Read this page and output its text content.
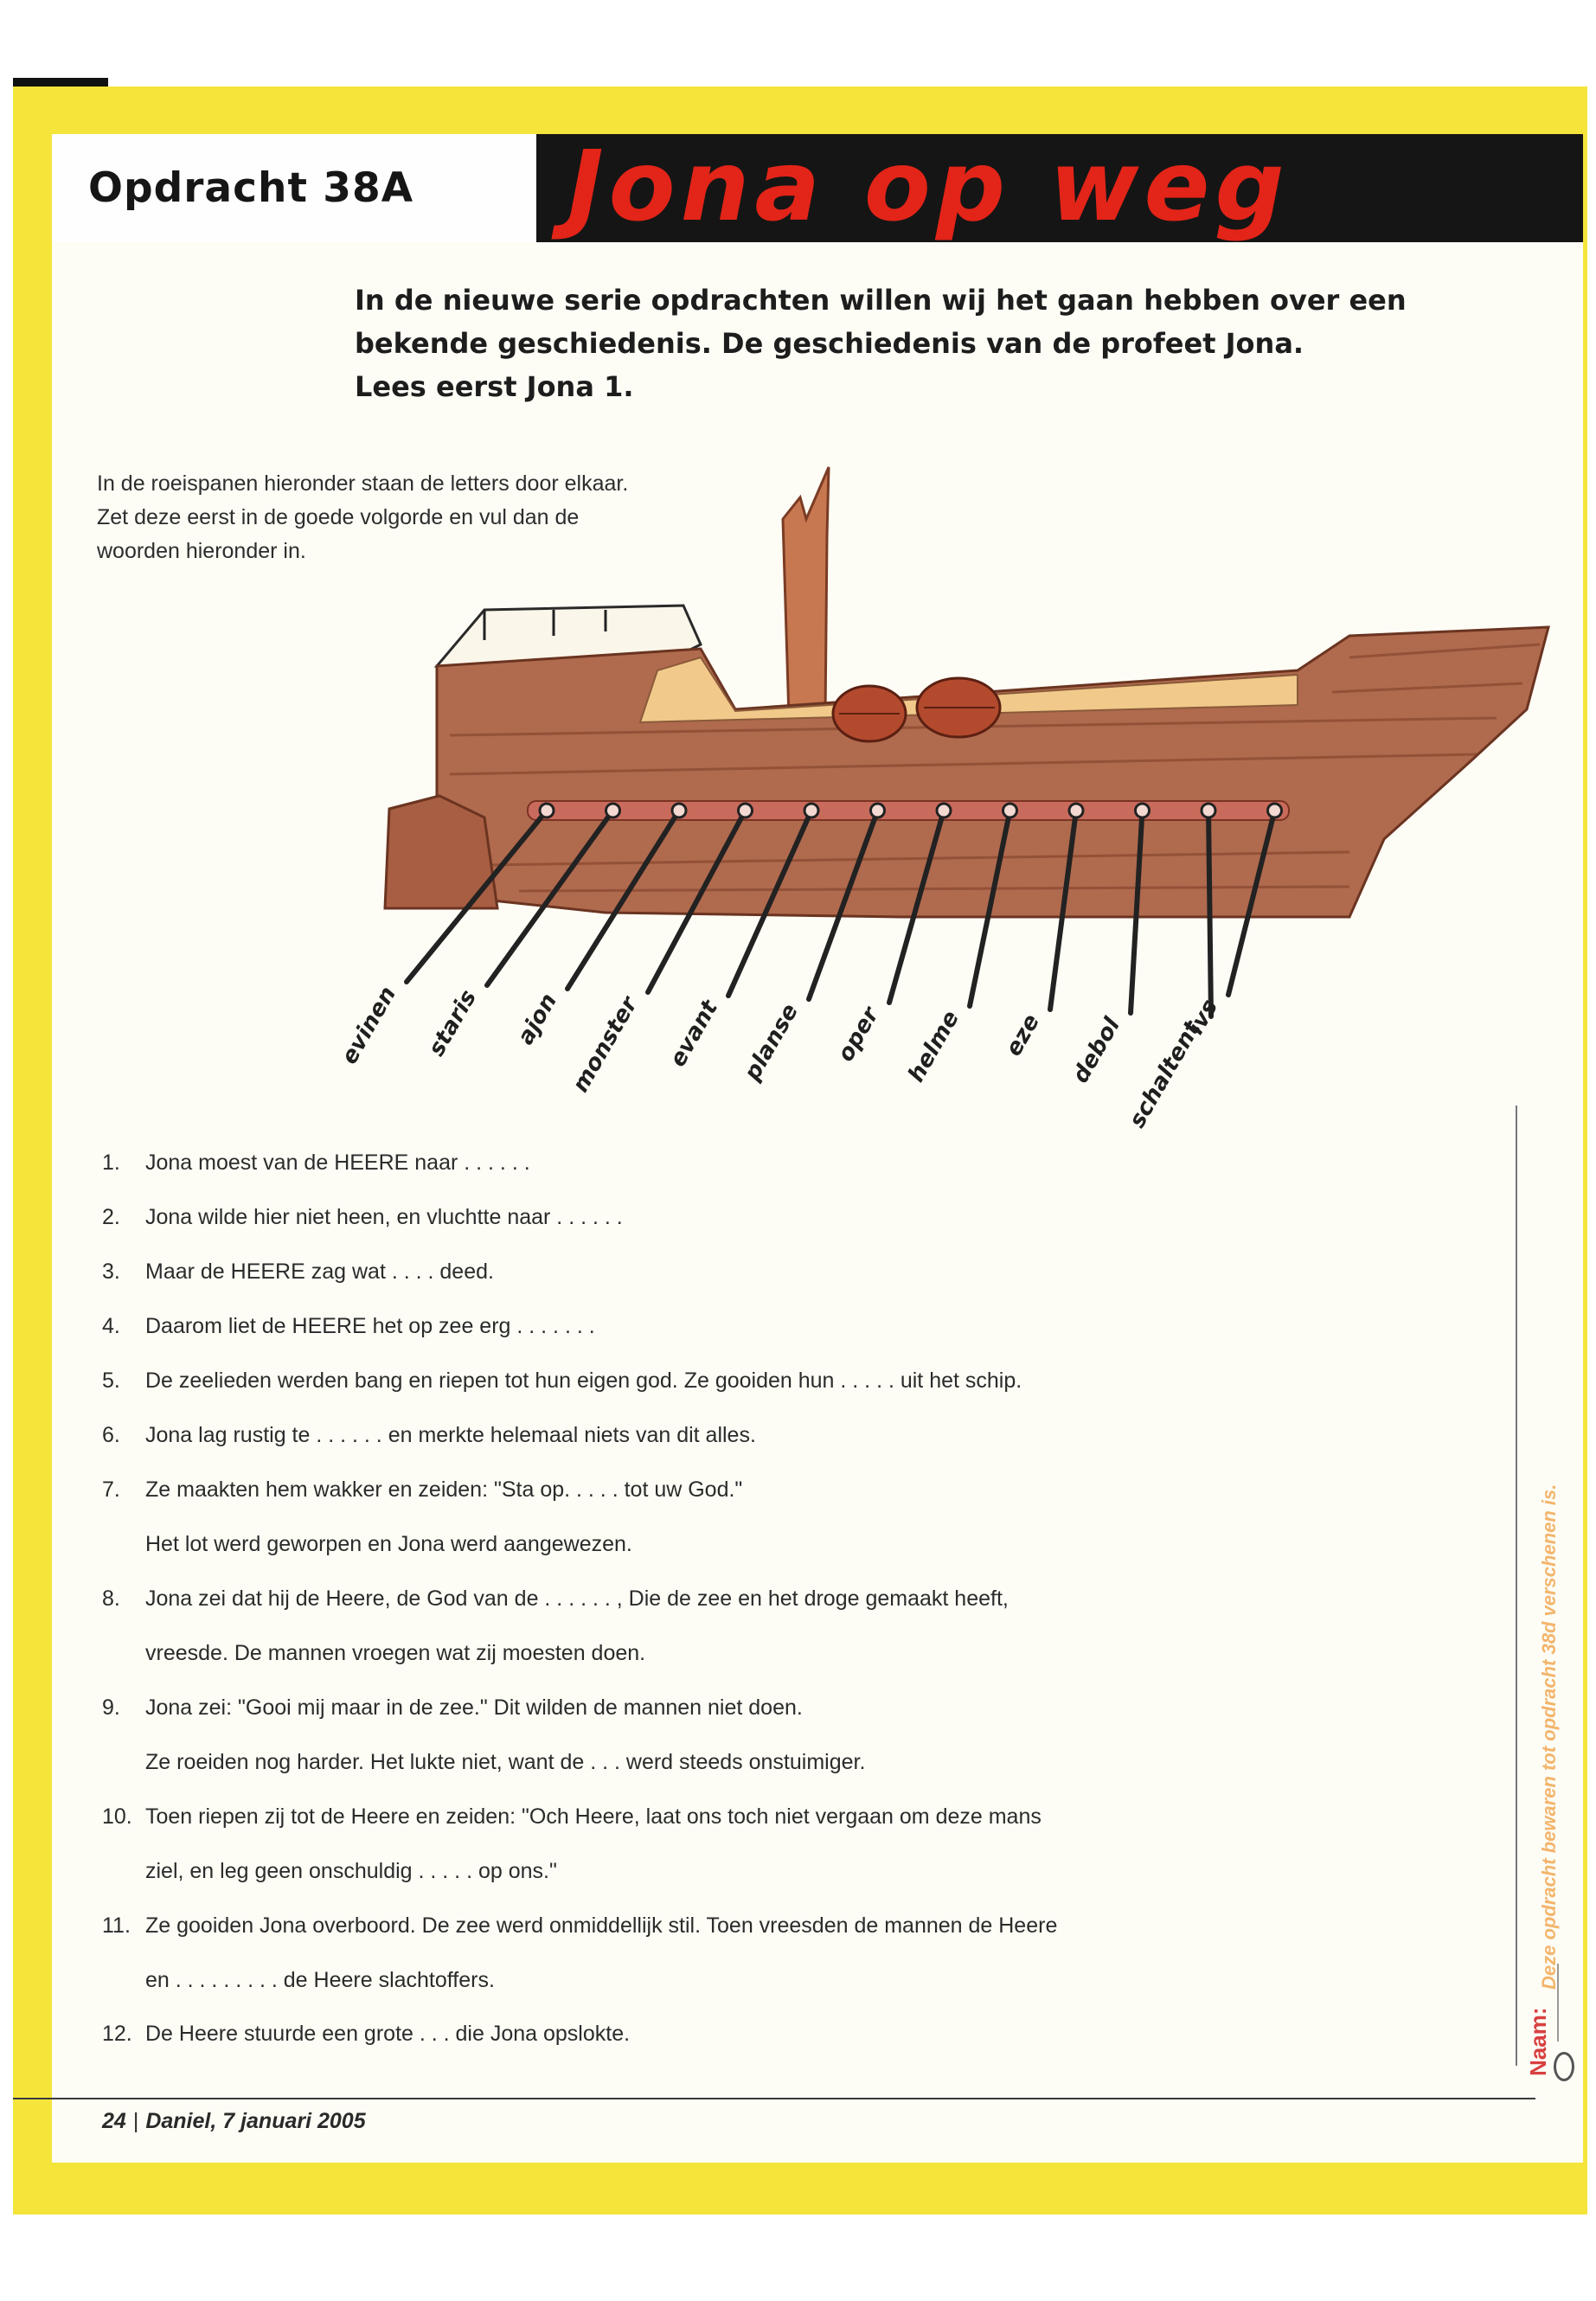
Opdracht 38A Jona op weg
In de nieuwe serie opdrachten willen wij het gaan hebben over een
bekende geschiedenis. De geschiedenis van de profeet Jona.
Lees eerst Jona 1.

In de roeispanen hieronder staan de letters door elkaar.

Zet deze eerst in de goede volgorde en vul dan de

woorden hieronder in.

evinen staris ajon monster evant planse oper helme eze debol
schaltent
ivs
1. Jona moest van de HEERE naar . . . . . .
2. Jona wilde hier niet heen, en vluchtte naar . . . . . .
3. Maar de HEERE zag wat . . . . deed.
4. Daarom liet de HEERE het op zee erg . . . . . . .
5. De zeelieden werden bang en riepen tot hun eigen god. Ze gooiden hun . . . . . uit het schip.
6. Jona lag rustig te . . . . . . en merkte helemaal niets van dit alles.
7. Ze maakten hem wakker en zeiden: "Sta op. . . . . tot uw God."
Het lot werd geworpen en Jona werd aangewezen.
8. Jona zei dat hij de Heere, de God van de . . . . . . , Die de zee en het droge gemaakt heeft,
vreesde. De mannen vroegen wat zij moesten doen.
9. Jona zei: "Gooi mij maar in de zee." Dit wilden de mannen niet doen.
Ze roeiden nog harder. Het lukte niet, want de . . . werd steeds onstuimiger.
10. Toen riepen zij tot de Heere en zeiden: "Och Heere, laat ons toch niet vergaan om deze mans
ziel, en leg geen onschuldig . . . . . op ons."
11. Ze gooiden Jona overboord. De zee werd onmiddellijk stil. Toen vreesden de mannen de Heere
en . . . . . . . . . de Heere slachtoffers.
12. De Heere stuurde een grote . . . die Jona opslokte.
24 | Daniel, 7 januari 2005
Deze opdracht bewaren tot opdracht 38d verschenen is.
Naam:
